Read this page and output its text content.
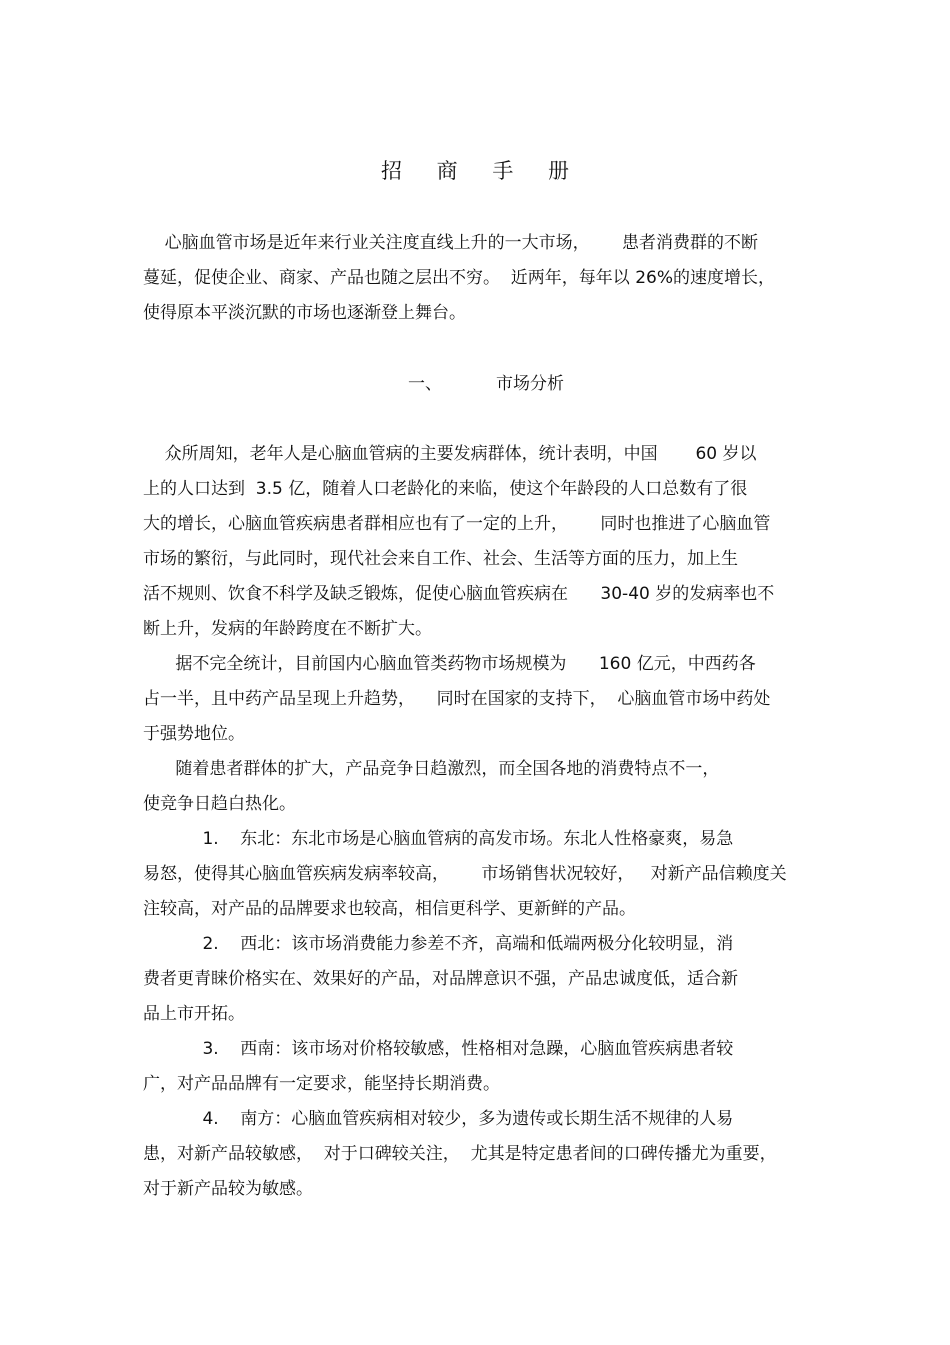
招 商 手 册
心脑血管市场是近年来行业关注度直线上升的一大市场，      患者消费群的不断
蔓延，促使企业、商家、产品也随之层出不穷。  近两年，每年以 26%的速度增长，
使得原本平淡沉默的市场也逐渐登上舞台。
一、	市场分析
众所周知，老年人是心脑血管病的主要发病群体，统计表明，中国       60 岁以
上的人口达到  3.5 亿，随着人口老龄化的来临，使这个年龄段的人口总数有了很
大的增长，心脑血管疾病患者群相应也有了一定的上升，      同时也推进了心脑血管
市场的繁衍，与此同时，现代社会来自工作、社会、生活等方面的压力，加上生
活不规则、饮食不科学及缺乏锻炼，促使心脑血管疾病在      30-40 岁的发病率也不
断上升，发病的年龄跨度在不断扩大。
据不完全统计，目前国内心脑血管类药物市场规模为      160 亿元，中西药各
占一半，且中药产品呈现上升趋势，    同时在国家的支持下，  心脑血管市场中药处
于强势地位。
随着患者群体的扩大，产品竞争日趋激烈，而全国各地的消费特点不一，
使竞争日趋白热化。
1.    东北：东北市场是心脑血管病的高发市场。东北人性格豪爽，易急
易怒，使得其心脑血管疾病发病率较高，      市场销售状况较好，   对新产品信赖度关
注较高，对产品的品牌要求也较高，相信更科学、更新鲜的产品。
2.    西北：该市场消费能力参差不齐，高端和低端两极分化较明显，消
费者更青睐价格实在、效果好的产品，对品牌意识不强，产品忠诚度低，适合新
品上市开拓。
3.    西南：该市场对价格较敏感，性格相对急躁，心脑血管疾病患者较
广，对产品品牌有一定要求，能坚持长期消费。
4.    南方：心脑血管疾病相对较少，多为遗传或长期生活不规律的人易
患，对新产品较敏感，  对于口碑较关注，  尤其是特定患者间的口碑传播尤为重要，
对于新产品较为敏感。
